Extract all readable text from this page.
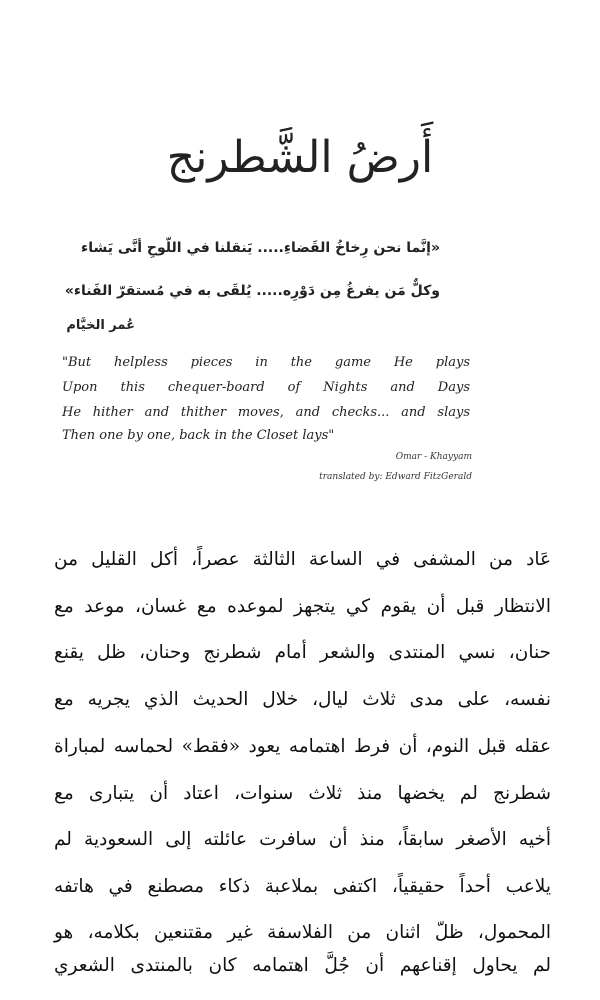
أَرضُ الشَّطرنج
«إنَّما نحن رِخاخُ القَضاءِ..... يَنقلنا في اللّوحِ أنَّى يَشاء
وكلٌّ مَن يفرغُ مِن دَوْرِه..... يُلقَى به في مُستقرّ الفَناء»
عُمر الخيَّام
"But helpless pieces in the game He plays
Upon this chequer-board of Nights and Days
He hither and thither moves, and checks... and slays
Then one by one, back in the Closet lays"
Omar - Khayyam
translated by: Edward FitzGerald
عَاد من المشفى في الساعة الثالثة عصراً، أكل القليل من
الانتظار قبل أن يقوم كي يتجهز لموعده مع غسان، موعد مع
حنان، نسي المنتدى والشعر أمام شطرنج وحنان، ظل يقنع
نفسه، على مدى ثلاث ليال، خلال الحديث الذي يجريه مع
عقله قبل النوم، أن فرط اهتمامه يعود «فقط» لحماسه لمباراة
شطرنج لم يخضها منذ ثلاث سنوات، اعتاد أن يتبارى مع
أخيه الأصغر سابقاً، منذ أن سافرت عائلته إلى السعودية لم
يلاعب أحداً حقيقياً، اكتفى بملاعبة ذكاء مصطنع في هاتفه
المحمول، ظلّ اثنان من الفلاسفة غير مقتنعين بكلامه، هو
لم يحاول إقناعهم أن جُلَّ اهتمامه كان بالمنتدى الشعري
